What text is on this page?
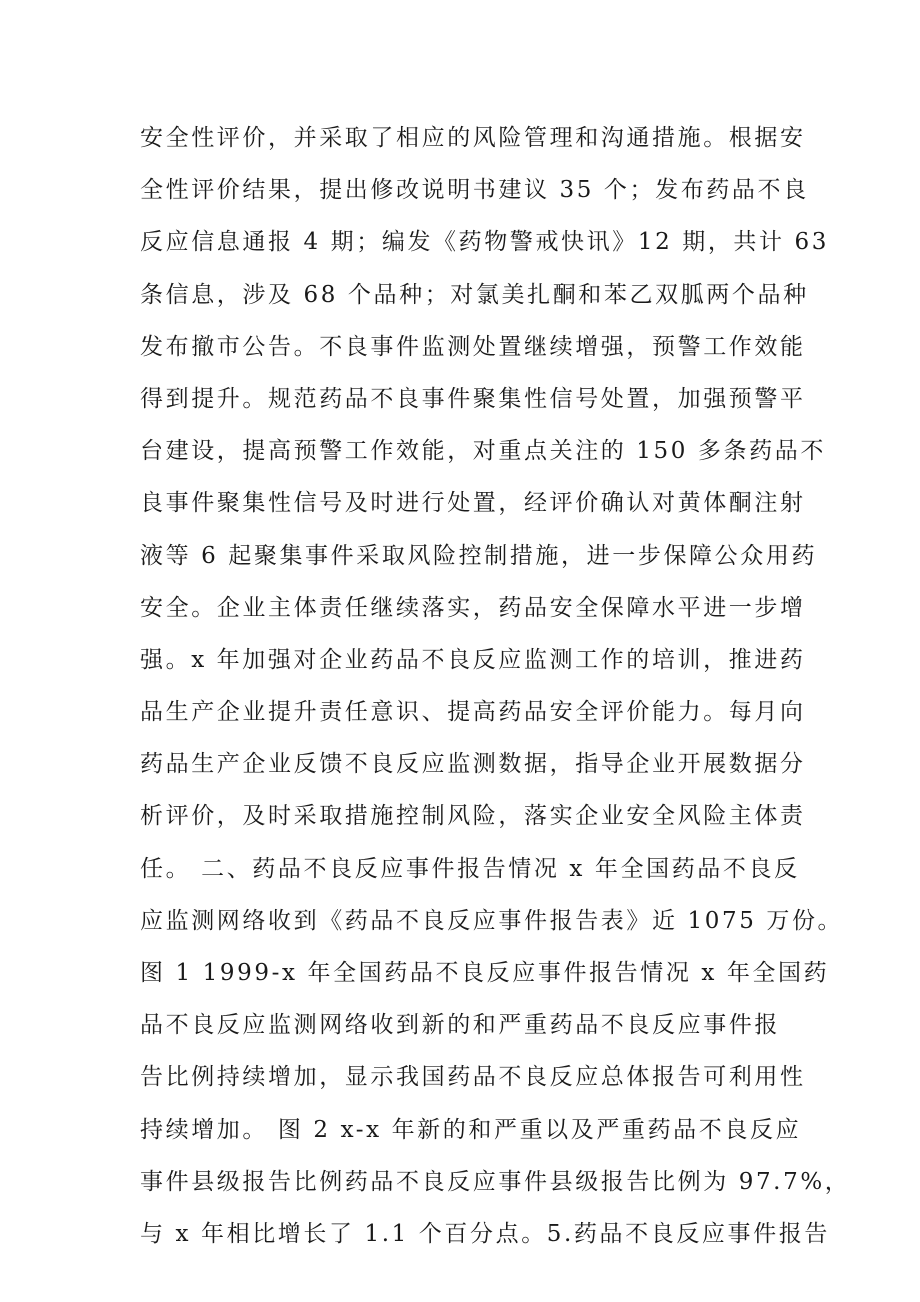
安全性评价，并采取了相应的风险管理和沟通措施。根据安
全性评价结果，提出修改说明书建议 35 个；发布药品不良
反应信息通报 4 期；编发《药物警戒快讯》12 期，共计 63
条信息，涉及 68 个品种；对氯美扎酮和苯乙双胍两个品种
发布撤市公告。不良事件监测处置继续增强，预警工作效能
得到提升。规范药品不良事件聚集性信号处置，加强预警平
台建设，提高预警工作效能，对重点关注的 150 多条药品不
良事件聚集性信号及时进行处置，经评价确认对黄体酮注射
液等 6 起聚集事件采取风险控制措施，进一步保障公众用药
安全。企业主体责任继续落实，药品安全保障水平进一步增
强。x 年加强对企业药品不良反应监测工作的培训，推进药
品生产企业提升责任意识、提高药品安全评价能力。每月向
药品生产企业反馈不良反应监测数据，指导企业开展数据分
析评价，及时采取措施控制风险，落实企业安全风险主体责
任。 二、药品不良反应事件报告情况 x 年全国药品不良反
应监测网络收到《药品不良反应事件报告表》近 1075 万份。
图 1 1999-x 年全国药品不良反应事件报告情况 x 年全国药
品不良反应监测网络收到新的和严重药品不良反应事件报
告比例持续增加，显示我国药品不良反应总体报告可利用性
持续增加。 图 2 x-x 年新的和严重以及严重药品不良反应
事件县级报告比例药品不良反应事件县级报告比例为 97.7%，
与 x 年相比增长了 1.1 个百分点。5.药品不良反应事件报告
